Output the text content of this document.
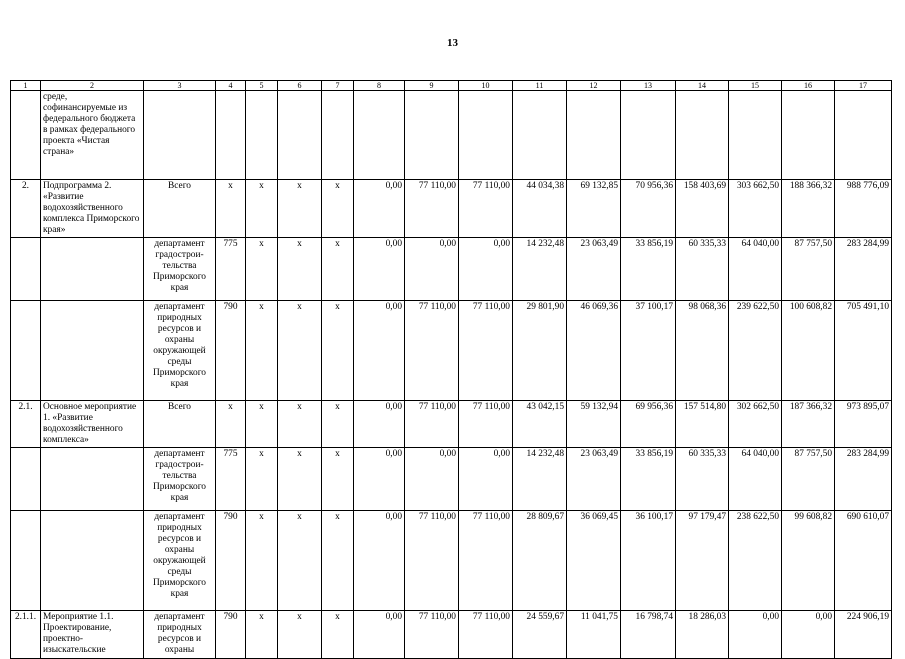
13
1	2	3	4	5	6	7	8	9	10	11	12	13	14	15	16	17
	среде, софинансируемые из федерального бюджета в рамках федерального проекта «Чистая страна»															
2.	Подпрограмма 2. «Развитие водохозяйственного комплекса Приморского края»	Всего	х	х	х	х	0,00	77 110,00	77 110,00	44 034,38	69 132,85	70 956,36	158 403,69	303 662,50	188 366,32	988 776,09
		департамент градострои-тельства Приморского края	775	х	х	х	0,00	0,00	0,00	14 232,48	23 063,49	33 856,19	60 335,33	64 040,00	87 757,50	283 284,99
		департамент природных ресурсов и охраны окружающей среды Приморского края	790	х	х	х	0,00	77 110,00	77 110,00	29 801,90	46 069,36	37 100,17	98 068,36	239 622,50	100 608,82	705 491,10
2.1.	Основное мероприятие 1. «Развитие водохозяйственного комплекса»	Всего	х	х	х	х	0,00	77 110,00	77 110,00	43 042,15	59 132,94	69 956,36	157 514,80	302 662,50	187 366,32	973 895,07
		департамент градострои-тельства Приморского края	775	х	х	х	0,00	0,00	0,00	14 232,48	23 063,49	33 856,19	60 335,33	64 040,00	87 757,50	283 284,99
		департамент природных ресурсов и охраны окружающей среды Приморского края	790	х	х	х	0,00	77 110,00	77 110,00	28 809,67	36 069,45	36 100,17	97 179,47	238 622,50	99 608,82	690 610,07
2.1.1.	Мероприятие 1.1. Проектирование, проектно-изыскательские	департамент природных ресурсов и охраны	790	х	х	х	0,00	77 110,00	77 110,00	24 559,67	11 041,75	16 798,74	18 286,03	0,00	0,00	224 906,19
